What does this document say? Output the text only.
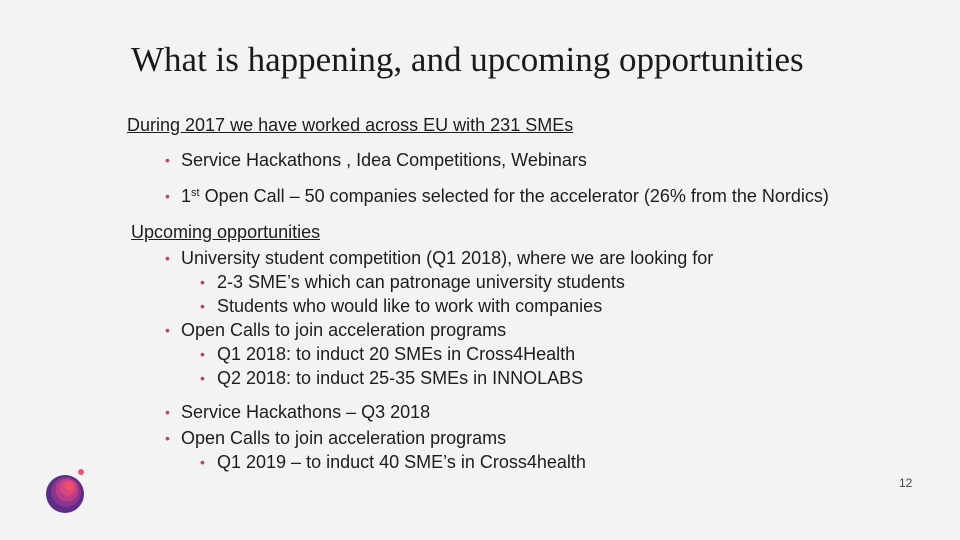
What is happening, and upcoming opportunities
During 2017 we have worked across EU with 231 SMEs
• Service Hackathons , Idea Competitions, Webinars
• 1st Open Call – 50 companies selected for the accelerator (26% from the Nordics)
Upcoming opportunities
• University student competition (Q1 2018), where we are looking for
• 2-3 SME’s which can patronage university students
• Students who would like to work with companies
• Open Calls to join acceleration programs
• Q1 2018: to induct 20 SMEs in Cross4Health
• Q2 2018: to induct 25-35 SMEs in INNOLABS
• Service Hackathons – Q3 2018
• Open Calls to join acceleration programs
• Q1 2019 – to induct 40 SME’s in Cross4health
12
